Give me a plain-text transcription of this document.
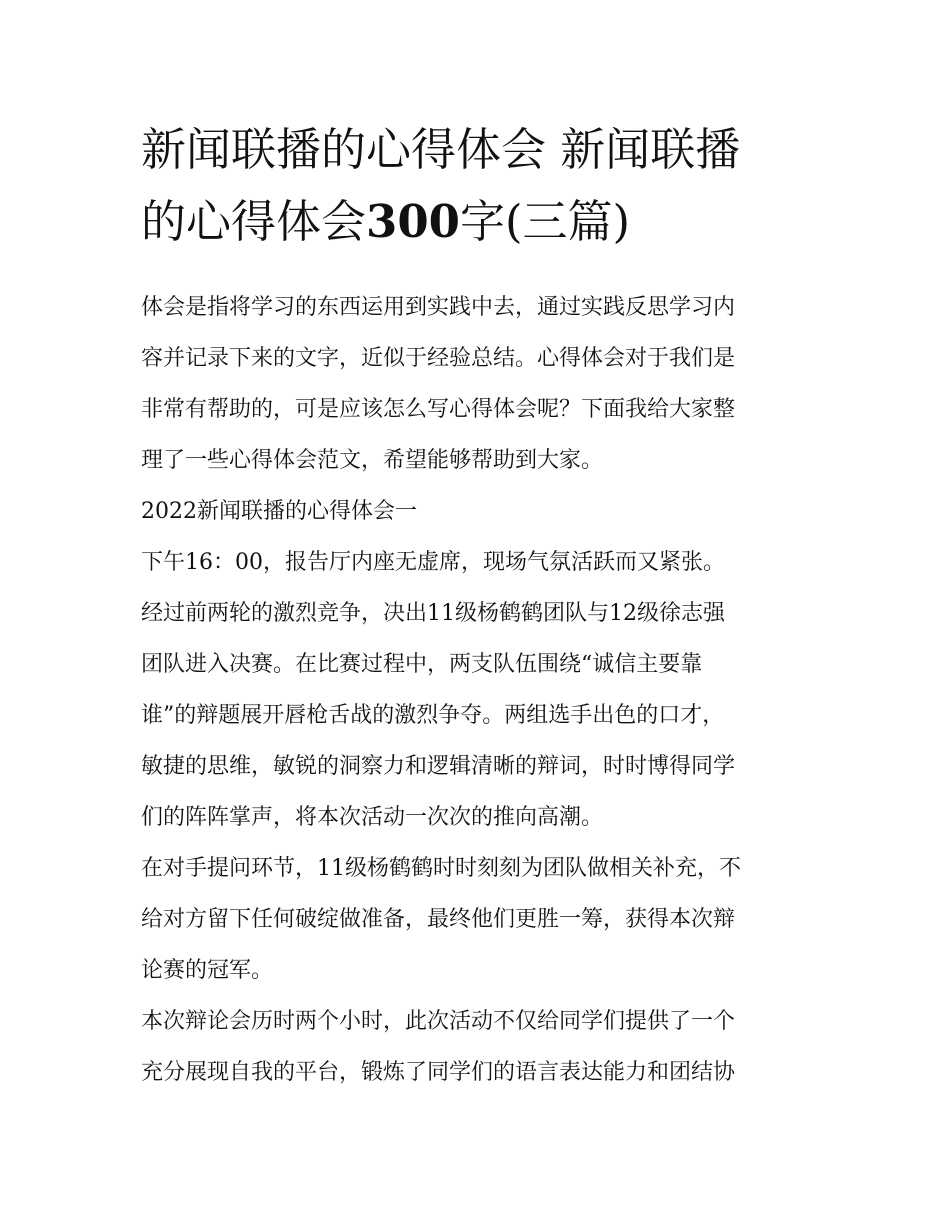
新闻联播的心得体会 新闻联播
的心得体会300字(三篇)

体会是指将学习的东西运用到实践中去，通过实践反思学习内
容并记录下来的文字，近似于经验总结。心得体会对于我们是
非常有帮助的，可是应该怎么写心得体会呢？下面我给大家整
理了一些心得体会范文，希望能够帮助到大家。

2022新闻联播的心得体会一

下午16：00，报告厅内座无虚席，现场气氛活跃而又紧张。

经过前两轮的激烈竞争，决出11级杨鹤鹤团队与12级徐志强
团队进入决赛。在比赛过程中，两支队伍围绕“诚信主要靠
谁”的辩题展开唇枪舌战的激烈争夺。两组选手出色的口才，
敏捷的思维，敏锐的洞察力和逻辑清晰的辩词，时时博得同学
们的阵阵掌声，将本次活动一次次的推向高潮。

在对手提问环节，11级杨鹤鹤时时刻刻为团队做相关补充，不
给对方留下任何破绽做准备，最终他们更胜一筹，获得本次辩
论赛的冠军。

本次辩论会历时两个小时，此次活动不仅给同学们提供了一个
充分展现自我的平台，锻炼了同学们的语言表达能力和团结协
